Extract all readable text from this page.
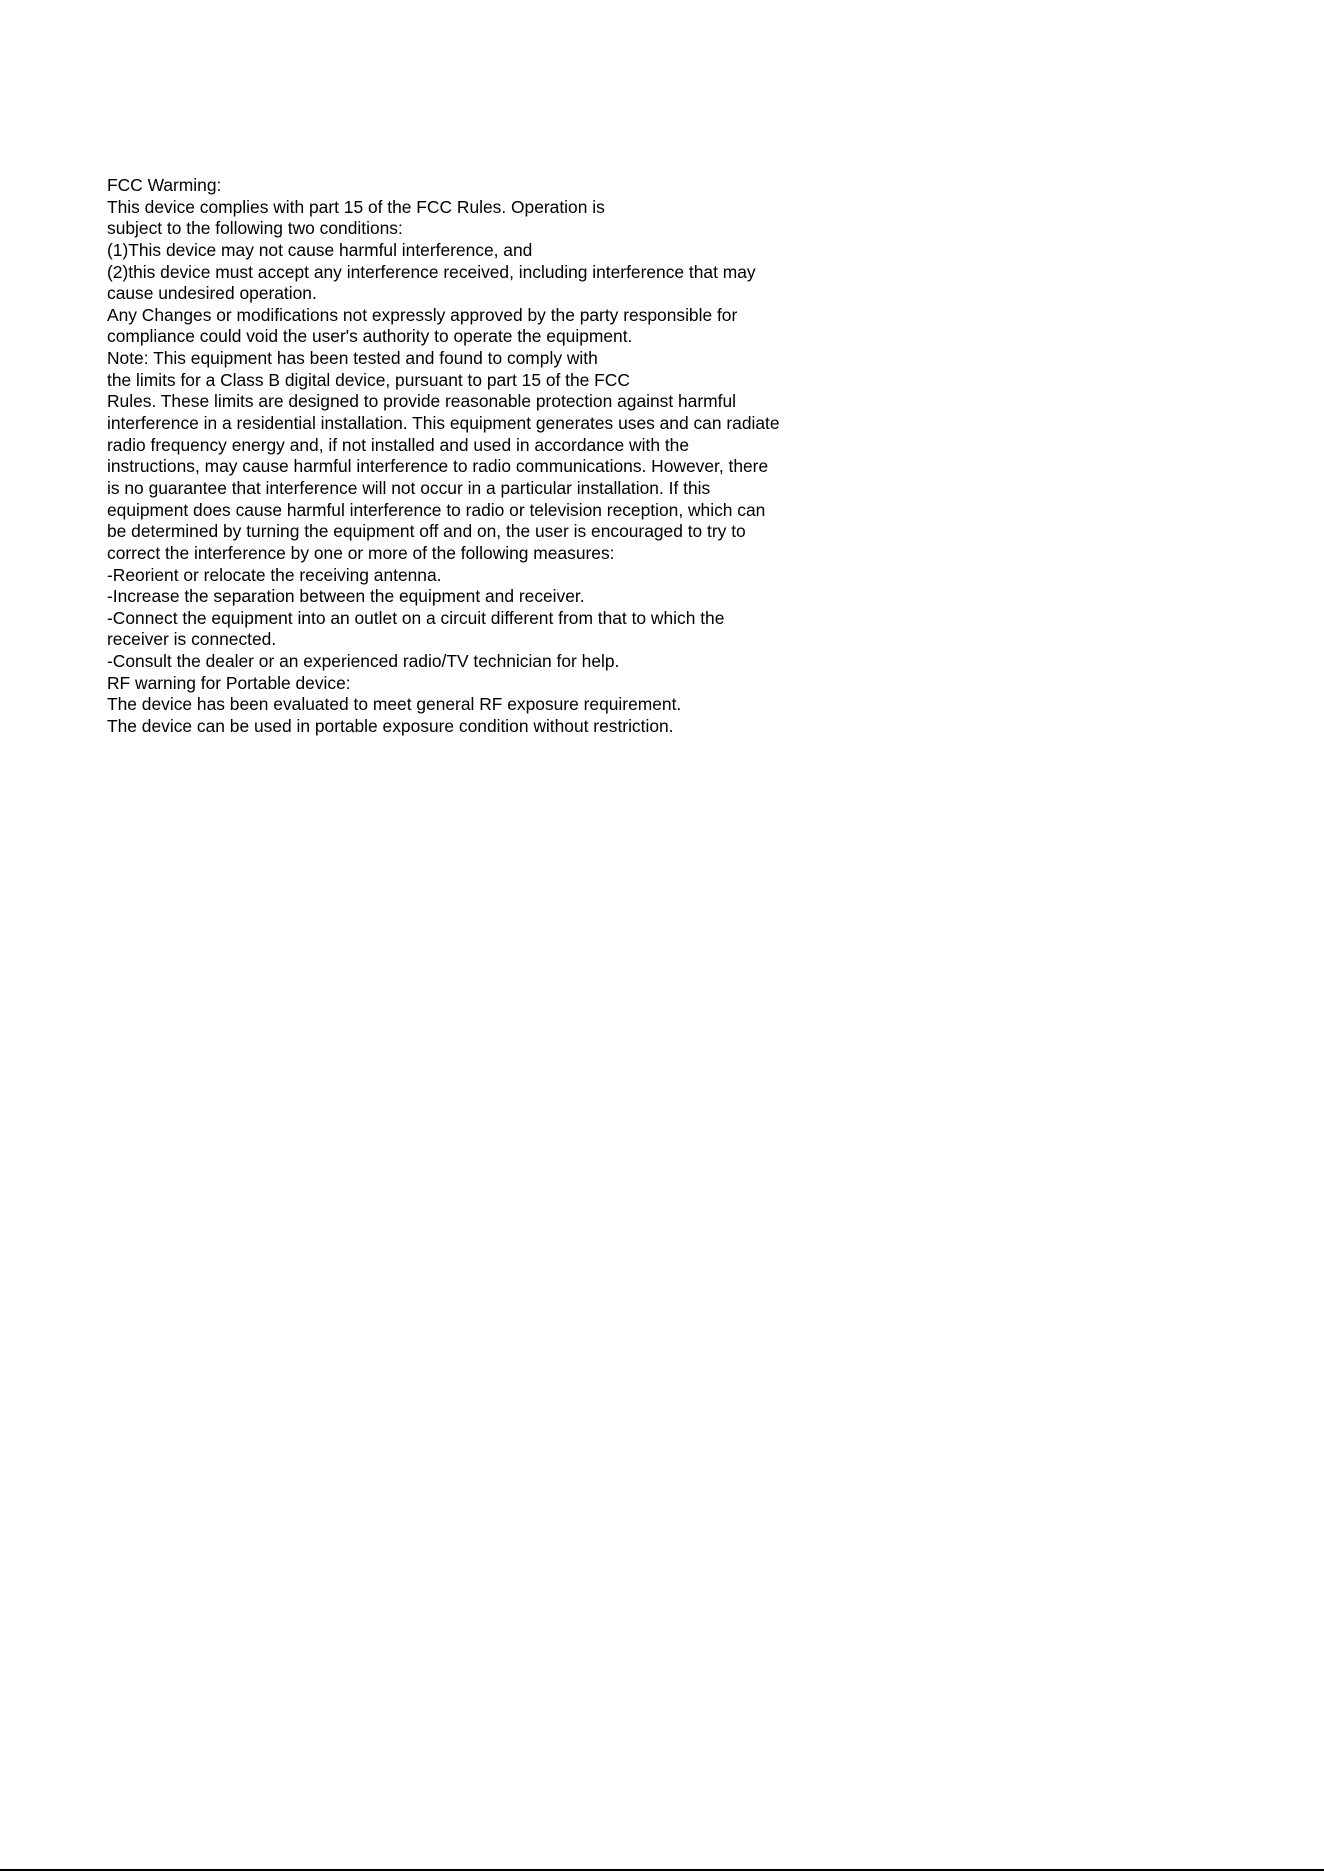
FCC Warming:
This device complies with part 15 of the FCC Rules. Operation is
subject to the following two conditions:
(1)This device may not cause harmful interference, and
(2)this device must accept any interference received, including interference that may
cause undesired operation.
Any Changes or modifications not expressly approved by the party responsible for
compliance could void the user's authority to operate the equipment.
Note: This equipment has been tested and found to comply with
the limits for a Class B digital device, pursuant to part 15 of the FCC
Rules. These limits are designed to provide reasonable protection against harmful
interference in a residential installation. This equipment generates uses and can radiate
radio frequency energy and, if not installed and used in accordance with the
instructions, may cause harmful interference to radio communications. However, there
is no guarantee that interference will not occur in a particular installation. If this
equipment does cause harmful interference to radio or television reception, which can
be determined by turning the equipment off and on, the user is encouraged to try to
correct the interference by one or more of the following measures:
-Reorient or relocate the receiving antenna.
-Increase the separation between the equipment and receiver.
-Connect the equipment into an outlet on a circuit different from that to which the
receiver is connected.
-Consult the dealer or an experienced radio/TV technician for help.
RF warning for Portable device:
The device has been evaluated to meet general RF exposure requirement.
The device can be used in portable exposure condition without restriction.
